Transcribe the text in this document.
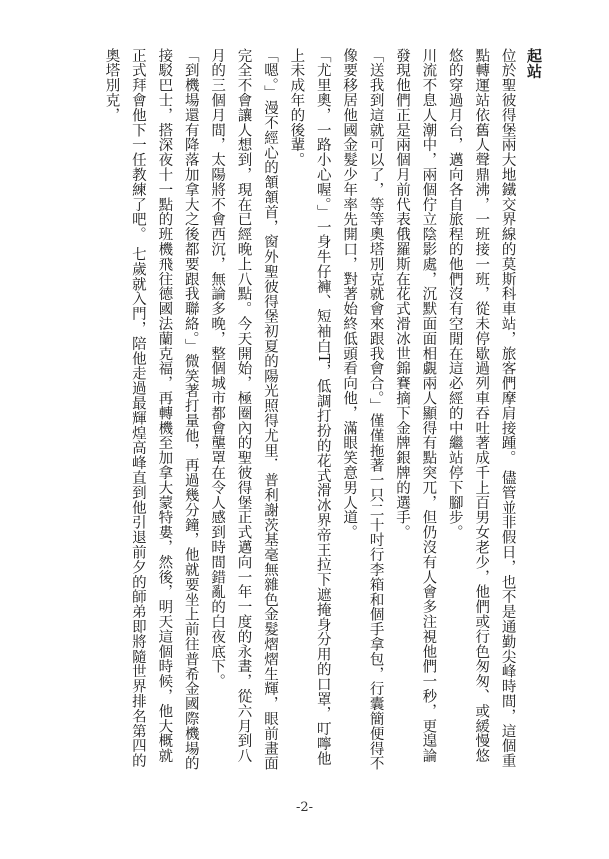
起站
位於聖彼得堡兩大地鐵交界線的莫斯科車站，旅客們摩肩接踵。 儘管並非假日，也不是通勤尖峰時間，這個重點轉運站依舊人聲鼎沸，一班接一班，從未停歇過列車吞吐著成千上百男女老少，他們或行色匆匆、或緩慢悠悠的穿過月台，邁向各自旅程的他們沒有空閒在這必經的中繼站停下腳步。
川流不息人潮中，兩個佇立陰影處，沉默面面相覷兩人顯得有點突兀，但仍沒有人會多注視他們一秒，更遑論發現他們正是兩個月前代表俄羅斯在花式滑冰世錦賽摘下金牌銀牌的選手。
「送我到這就可以了，等等奧塔別克就會來跟我會合。」僅僅拖著一只二十吋行李箱和個手拿包，行囊簡便得不像要移居他國金髮少年率先開口，對著始終低頭看向他，滿眼笑意男人道。
「尤里奧，一路小心喔。」一身牛仔褲、短袖白T，低調打扮的花式滑冰界帝王拉下遮掩身分用的口罩，叮嚀他上未成年的後輩。
「嗯。」漫不經心的頷頷首，窗外聖彼得堡初夏的陽光照得尤里．普利謝茨基毫無雜色金髮熠熠生輝，眼前畫面完全不會讓人想到，現在已經晚上八點。今天開始，極圈內的聖彼得堡正式邁向一年一度的永晝，從六月到八月的三個月間，太陽將不會西沉，無論多晚，整個城市都會壟罩在令人感到時間錯亂的白夜底下。
「到機場還有降落加拿大之後都要跟我聯絡。」微笑著打量他，再過幾分鐘，他就要坐上前往普希金國際機場的接駁巴士，搭深夜十一點的班機飛往德國法蘭克福，再轉機至加拿大蒙特婁，然後，明天這個時候，他大概就正式拜會他下一任教練了吧。 七歲就入門，陪他走過最輝煌高峰直到他引退前夕的師弟即將隨世界排名第四的奧塔別克，
-2-
